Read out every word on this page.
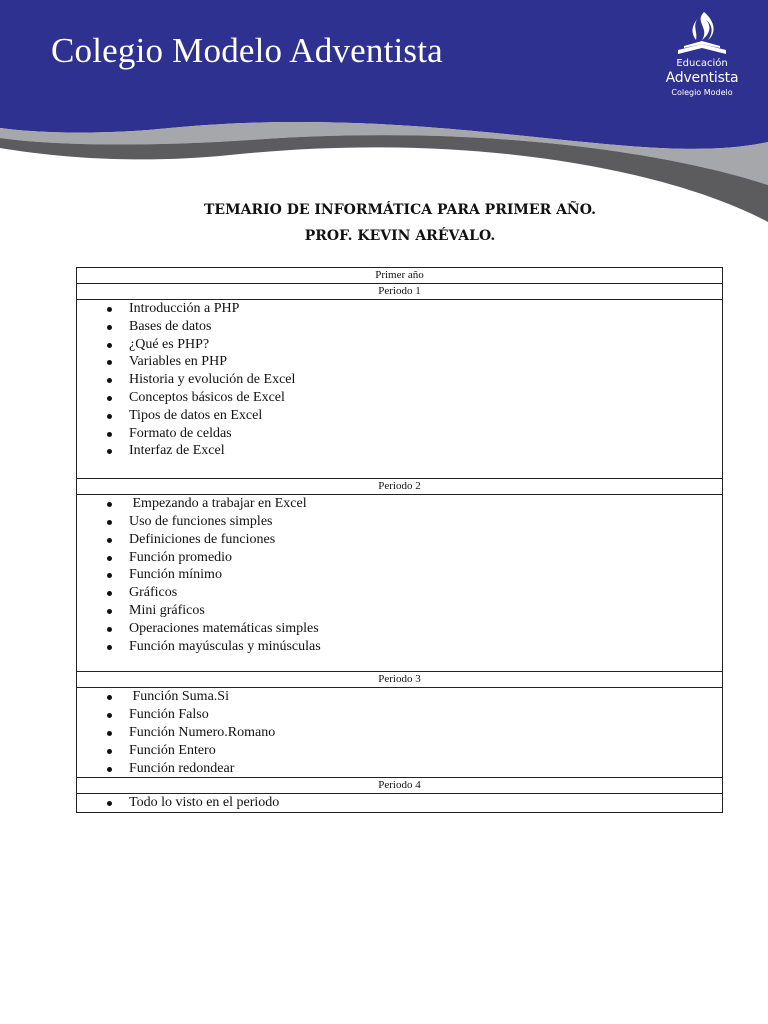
Colegio Modelo Adventista	Educación
Adventista
Colegio Modelo
TEMARIO DE INFORMÁTICA PARA PRIMER AÑO.
PROF. KEVIN ARÉVALO.
Primer año
Periodo 1

Introducción a PHP
Bases de datos
¿Qué es PHP?
Variables en PHP
Historia y evolución de Excel
Conceptos básicos de Excel
Tipos de datos en Excel
Formato de celdas
Interfaz de Excel

Periodo 2

Empezando a trabajar en Excel
Uso de funciones simples
Definiciones de funciones
Función promedio
Función mínimo
Gráficos
Mini gráficos
Operaciones matemáticas simples
Función mayúsculas y minúsculas

Periodo 3

Función Suma.Si
Función Falso
Función Numero.Romano
Función Entero
Función redondear

Periodo 4

Todo lo visto en el periodo
